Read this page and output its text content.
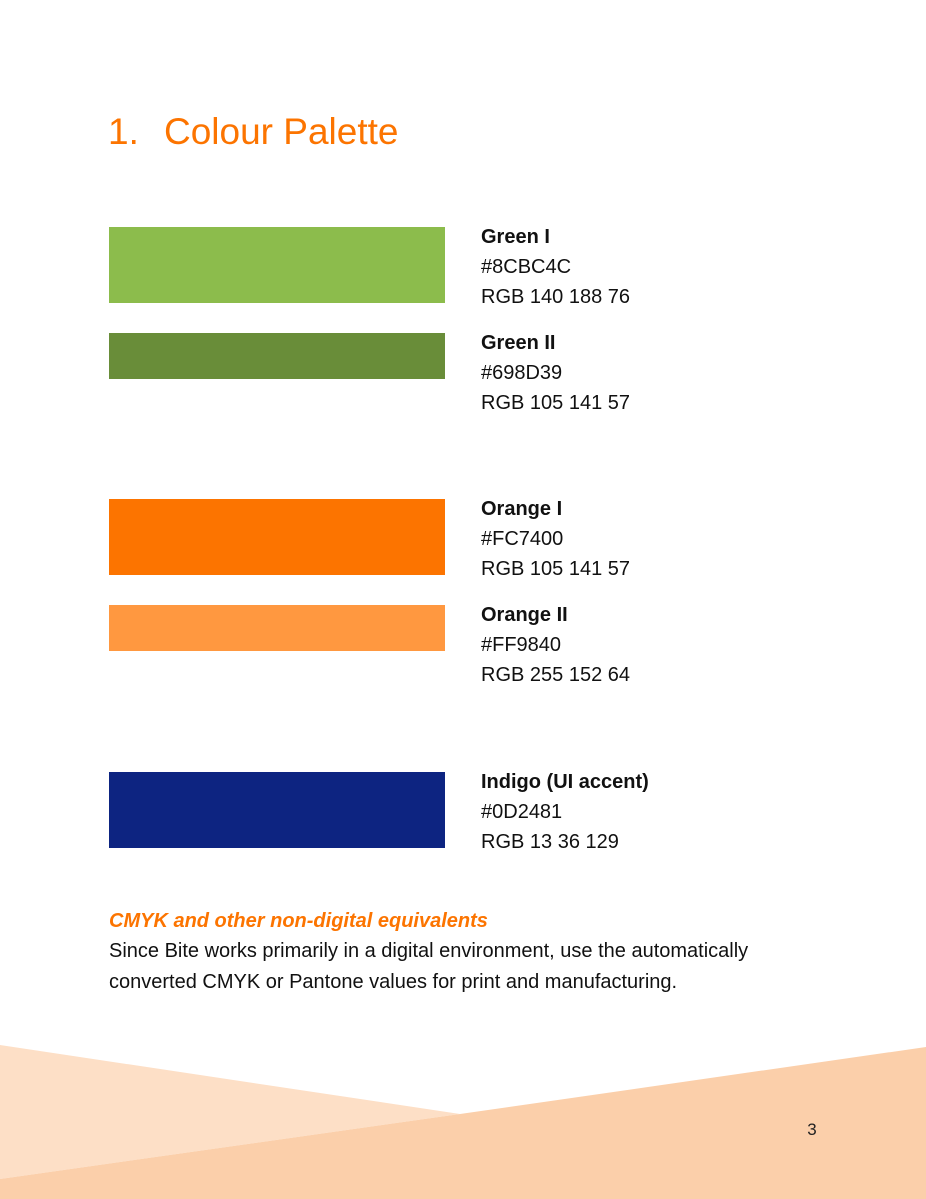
1. Colour Palette
Green I
#8CBC4C
RGB 140 188 76
Green II
#698D39
RGB 105 141 57
Orange I
#FC7400
RGB 105 141 57
Orange II
#FF9840
RGB 255 152 64
Indigo (UI accent)
#0D2481
RGB 13 36 129
CMYK and other non-digital equivalents
Since Bite works primarily in a digital environment, use the automatically
converted CMYK or Pantone values for print and manufacturing.
3
